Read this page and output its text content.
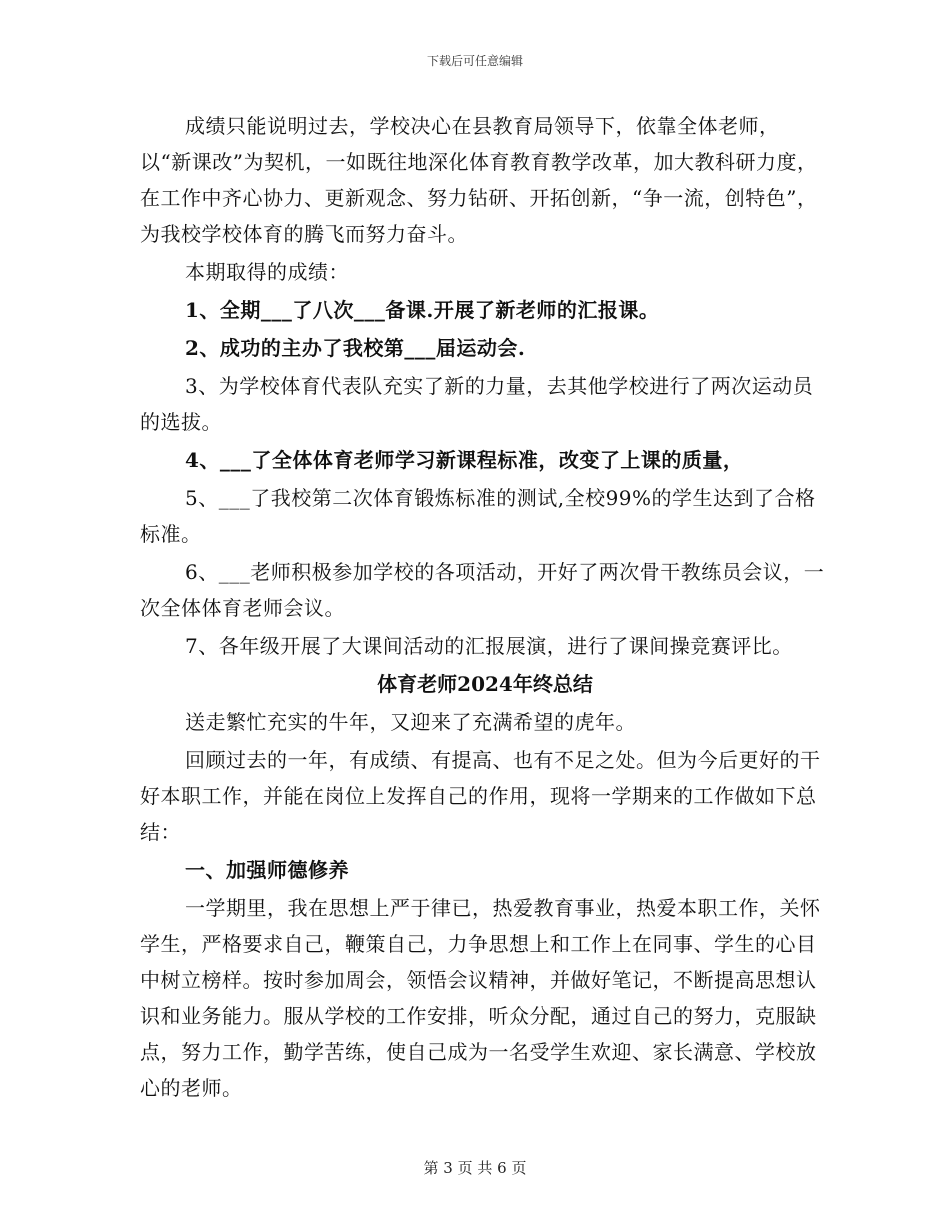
下载后可任意编辑

成绩只能说明过去，学校决心在县教育局领导下，依靠全体老师，以“新课改”为契机，一如既往地深化体育教育教学改革，加大教科研力度，在工作中齐心协力、更新观念、努力钻研、开拓创新，“争一流，创特色”，为我校学校体育的腾飞而努力奋斗。

本期取得的成绩：

1、全期___了八次___备课.开展了新老师的汇报课。

2、成功的主办了我校第___届运动会.

3、为学校体育代表队充实了新的力量，去其他学校进行了两次运动员的选拔。

4、___了全体体育老师学习新课程标准，改变了上课的质量，

5、___了我校第二次体育锻炼标准的测试,全校99%的学生达到了合格标准。

6、___老师积极参加学校的各项活动，开好了两次骨干教练员会议，一次全体体育老师会议。

7、各年级开展了大课间活动的汇报展演，进行了课间操竞赛评比。

体育老师2024年终总结

送走繁忙充实的牛年，又迎来了充满希望的虎年。

回顾过去的一年，有成绩、有提高、也有不足之处。但为今后更好的干好本职工作，并能在岗位上发挥自己的作用，现将一学期来的工作做如下总结：

一、加强师德修养

一学期里，我在思想上严于律已，热爱教育事业，热爱本职工作，关怀学生，严格要求自己，鞭策自己，力争思想上和工作上在同事、学生的心目中树立榜样。按时参加周会，领悟会议精神，并做好笔记，不断提高思想认识和业务能力。服从学校的工作安排，听众分配，通过自己的努力，克服缺点，努力工作，勤学苦练，使自己成为一名受学生欢迎、家长满意、学校放心的老师。

第 3 页 共 6 页
